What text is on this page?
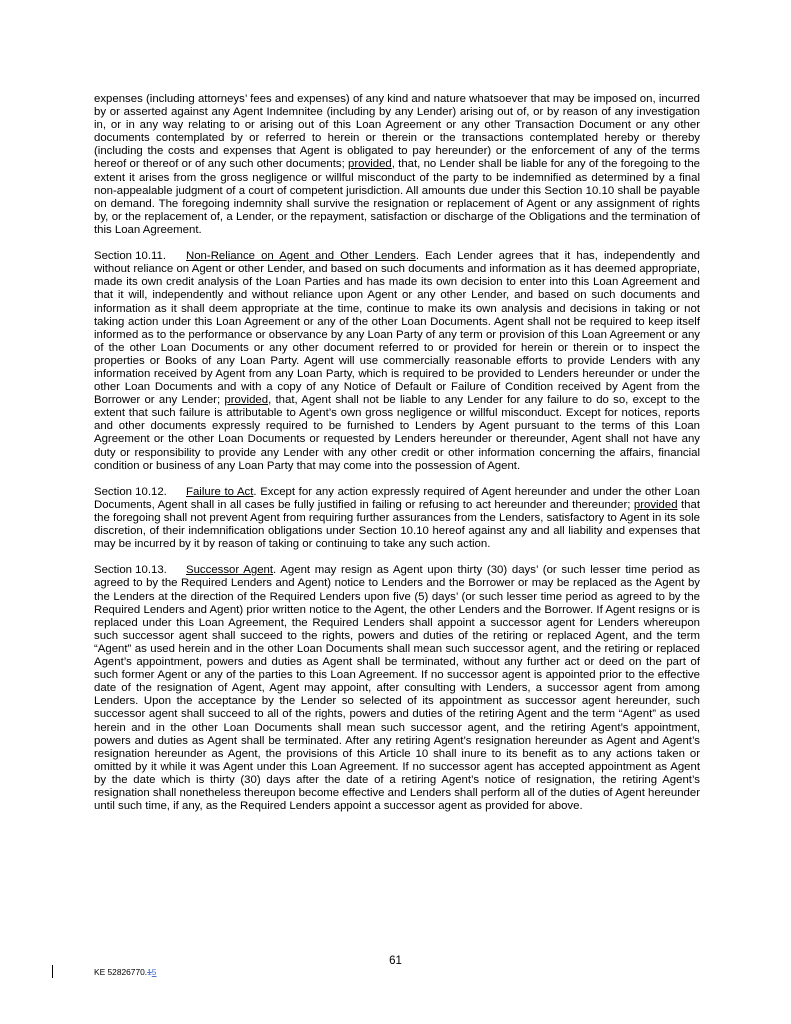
expenses (including attorneys’ fees and expenses) of any kind and nature whatsoever that may be imposed on, incurred by or asserted against any Agent Indemnitee (including by any Lender) arising out of, or by reason of any investigation in, or in any way relating to or arising out of this Loan Agreement or any other Transaction Document or any other documents contemplated by or referred to herein or therein or the transactions contemplated hereby or thereby (including the costs and expenses that Agent is obligated to pay hereunder) or the enforcement of any of the terms hereof or thereof or of any such other documents; provided, that, no Lender shall be liable for any of the foregoing to the extent it arises from the gross negligence or willful misconduct of the party to be indemnified as determined by a final non-appealable judgment of a court of competent jurisdiction. All amounts due under this Section 10.10 shall be payable on demand. The foregoing indemnity shall survive the resignation or replacement of Agent or any assignment of rights by, or the replacement of, a Lender, or the repayment, satisfaction or discharge of the Obligations and the termination of this Loan Agreement.

Section 10.11. Non-Reliance on Agent and Other Lenders. Each Lender agrees that it has, independently and without reliance on Agent or other Lender, and based on such documents and information as it has deemed appropriate, made its own credit analysis of the Loan Parties and has made its own decision to enter into this Loan Agreement and that it will, independently and without reliance upon Agent or any other Lender, and based on such documents and information as it shall deem appropriate at the time, continue to make its own analysis and decisions in taking or not taking action under this Loan Agreement or any of the other Loan Documents. Agent shall not be required to keep itself informed as to the performance or observance by any Loan Party of any term or provision of this Loan Agreement or any of the other Loan Documents or any other document referred to or provided for herein or therein or to inspect the properties or Books of any Loan Party. Agent will use commercially reasonable efforts to provide Lenders with any information received by Agent from any Loan Party, which is required to be provided to Lenders hereunder or under the other Loan Documents and with a copy of any Notice of Default or Failure of Condition received by Agent from the Borrower or any Lender; provided, that, Agent shall not be liable to any Lender for any failure to do so, except to the extent that such failure is attributable to Agent’s own gross negligence or willful misconduct. Except for notices, reports and other documents expressly required to be furnished to Lenders by Agent pursuant to the terms of this Loan Agreement or the other Loan Documents or requested by Lenders hereunder or thereunder, Agent shall not have any duty or responsibility to provide any Lender with any other credit or other information concerning the affairs, financial condition or business of any Loan Party that may come into the possession of Agent.

Section 10.12. Failure to Act. Except for any action expressly required of Agent hereunder and under the other Loan Documents, Agent shall in all cases be fully justified in failing or refusing to act hereunder and thereunder; provided that the foregoing shall not prevent Agent from requiring further assurances from the Lenders, satisfactory to Agent in its sole discretion, of their indemnification obligations under Section 10.10 hereof against any and all liability and expenses that may be incurred by it by reason of taking or continuing to take any such action.

Section 10.13. Successor Agent. Agent may resign as Agent upon thirty (30) days’ (or such lesser time period as agreed to by the Required Lenders and Agent) notice to Lenders and the Borrower or may be replaced as the Agent by the Lenders at the direction of the Required Lenders upon five (5) days’ (or such lesser time period as agreed to by the Required Lenders and Agent) prior written notice to the Agent, the other Lenders and the Borrower. If Agent resigns or is replaced under this Loan Agreement, the Required Lenders shall appoint a successor agent for Lenders whereupon such successor agent shall succeed to the rights, powers and duties of the retiring or replaced Agent, and the term “Agent” as used herein and in the other Loan Documents shall mean such successor agent, and the retiring or replaced Agent’s appointment, powers and duties as Agent shall be terminated, without any further act or deed on the part of such former Agent or any of the parties to this Loan Agreement. If no successor agent is appointed prior to the effective date of the resignation of Agent, Agent may appoint, after consulting with Lenders, a successor agent from among Lenders. Upon the acceptance by the Lender so selected of its appointment as successor agent hereunder, such successor agent shall succeed to all of the rights, powers and duties of the retiring Agent and the term “Agent” as used herein and in the other Loan Documents shall mean such successor agent, and the retiring Agent’s appointment, powers and duties as Agent shall be terminated. After any retiring Agent’s resignation hereunder as Agent and Agent’s resignation hereunder as Agent, the provisions of this Article 10 shall inure to its benefit as to any actions taken or omitted by it while it was Agent under this Loan Agreement. If no successor agent has accepted appointment as Agent by the date which is thirty (30) days after the date of a retiring Agent’s notice of resignation, the retiring Agent’s resignation shall nonetheless thereupon become effective and Lenders shall perform all of the duties of Agent hereunder until such time, if any, as the Required Lenders appoint a successor agent as provided for above.

61
KE 52826770.15
